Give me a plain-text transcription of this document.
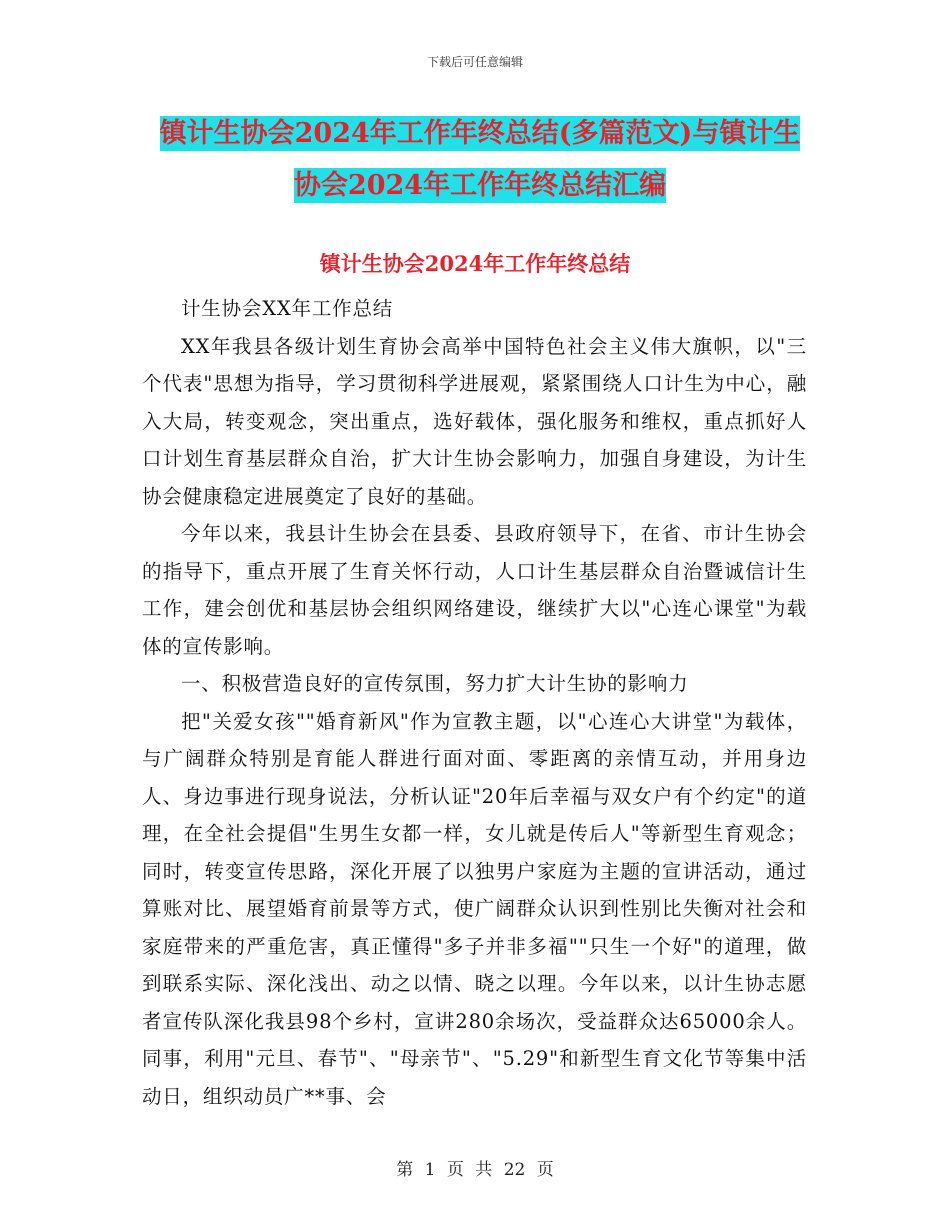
下载后可任意编辑
镇计生协会2024年工作年终总结(多篇范文)与镇计生
协会2024年工作年终总结汇编
镇计生协会2024年工作年终总结

计生协会XX年工作总结

XX年我县各级计划生育协会高举中国特色社会主义伟大旗帜，以"三个代表"思想为指导，学习贯彻科学进展观，紧紧围绕人口计生为中心，融入大局，转变观念，突出重点，选好载体，强化服务和维权，重点抓好人口计划生育基层群众自治，扩大计生协会影响力，加强自身建设，为计生协会健康稳定进展奠定了良好的基础。

今年以来，我县计生协会在县委、县政府领导下，在省、市计生协会的指导下，重点开展了生育关怀行动，人口计生基层群众自治暨诚信计生工作，建会创优和基层协会组织网络建设，继续扩大以"心连心课堂"为载体的宣传影响。

一、积极营造良好的宣传氛围，努力扩大计生协的影响力

把"关爱女孩""婚育新风"作为宣教主题，以"心连心大讲堂"为载体，与广阔群众特别是育能人群进行面对面、零距离的亲情互动，并用身边人、身边事进行现身说法，分析认证"20年后幸福与双女户有个约定"的道理，在全社会提倡"生男生女都一样，女儿就是传后人"等新型生育观念；同时，转变宣传思路，深化开展了以独男户家庭为主题的宣讲活动，通过算账对比、展望婚育前景等方式，使广阔群众认识到性别比失衡对社会和家庭带来的严重危害，真正懂得"多子并非多福""只生一个好"的道理，做到联系实际、深化浅出、动之以情、晓之以理。今年以来，以计生协志愿者宣传队深化我县98个乡村，宣讲280余场次，受益群众达65000余人。同事，利用"元旦、春节"、"母亲节"、"5.29"和新型生育文化节等集中活动日，组织动员广**事、会

第 1 页 共 22 页
